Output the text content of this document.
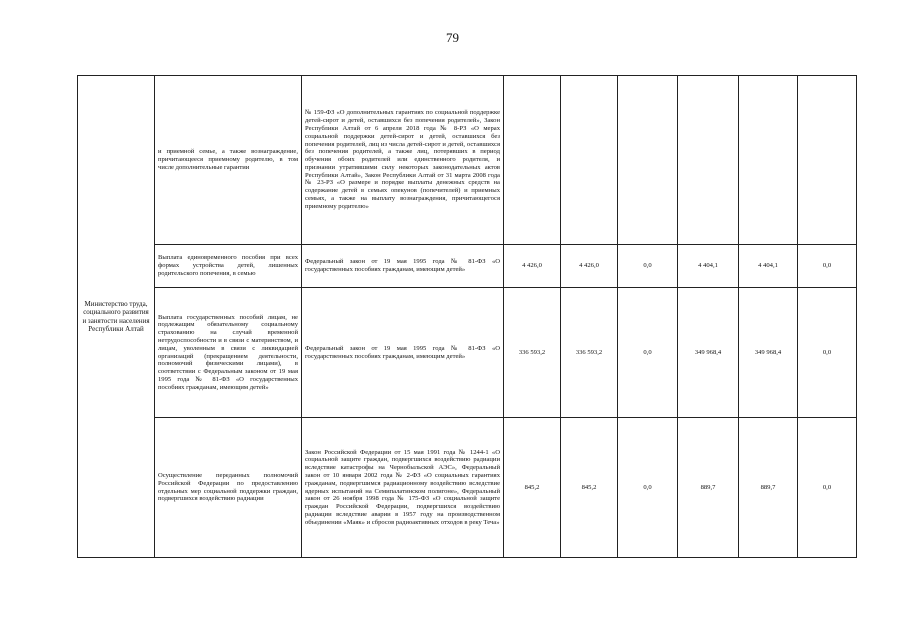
79
Министерство труда, социального развития и занятости населения Республики Алтай	и приемной семье, а также вознаграждение, причитающееся приемному родителю, в том числе дополнительные гарантии	№ 159-ФЗ «О дополнительных гарантиях по социальной поддержке детей-сирот и детей, оставшихся без попечения родителей», Закон Республики Алтай от 6 апреля 2018 года № 8-РЗ «О мерах социальной поддержки детей-сирот и детей, оставшихся без попечения родителей, лиц из числа детей-сирот и детей, оставшихся без попечения родителей, а также лиц, потерявших в период обучения обоих родителей или единственного родителя, и признании утратившими силу некоторых законодательных актов Республики Алтай», Закон Республики Алтай от 31 марта 2008 года № 23-РЗ «О размере и порядке выплаты денежных средств на содержание детей в семьях опекунов (попечителей) и приемных семьях, а также на выплату вознаграждения, причитающегося приемному родителю»						
	Выплата единовременного пособия при всех формах устройства детей, лишенных родительского попечения, в семью	Федеральный закон от 19 мая 1995 года № 81-ФЗ «О государственных пособиях гражданам, имеющим детей»	4 426,0	4 426,0	0,0	4 404,1	4 404,1	0,0
	Выплата государственных пособий лицам, не подлежащим обязательному социальному страхованию на случай временной нетрудоспособности и в связи с материнством, и лицам, уволенным в связи с ликвидацией организаций (прекращением деятельности, полномочий физическими лицами), в соответствии с Федеральным законом от 19 мая 1995 года № 81-ФЗ «О государственных пособиях гражданам, имеющим детей»	Федеральный закон от 19 мая 1995 года № 81-ФЗ «О государственных пособиях гражданам, имеющим детей»	336 593,2	336 593,2	0,0	349 968,4	349 968,4	0,0
	Осуществление переданных полномочий Российской Федерации по предоставлению отдельных мер социальной поддержки граждан, подвергшихся воздействию радиации	Закон Российской Федерации от 15 мая 1991 года № 1244-1 «О социальной защите граждан, подвергшихся воздействию радиации вследствие катастрофы на Чернобыльской АЭС», Федеральный закон от 10 января 2002 года № 2-ФЗ «О социальных гарантиях гражданам, подвергшимся радиационному воздействию вследствие ядерных испытаний на Семипалатинском полигоне», Федеральный закон от 26 ноября 1998 года № 175-ФЗ «О социальной защите граждан Российской Федерации, подвергшихся воздействию радиации вследствие аварии в 1957 году на производственном объединении «Маяк» и сбросов радиоактивных отходов в реку Теча»	845,2	845,2	0,0	889,7	889,7	0,0
